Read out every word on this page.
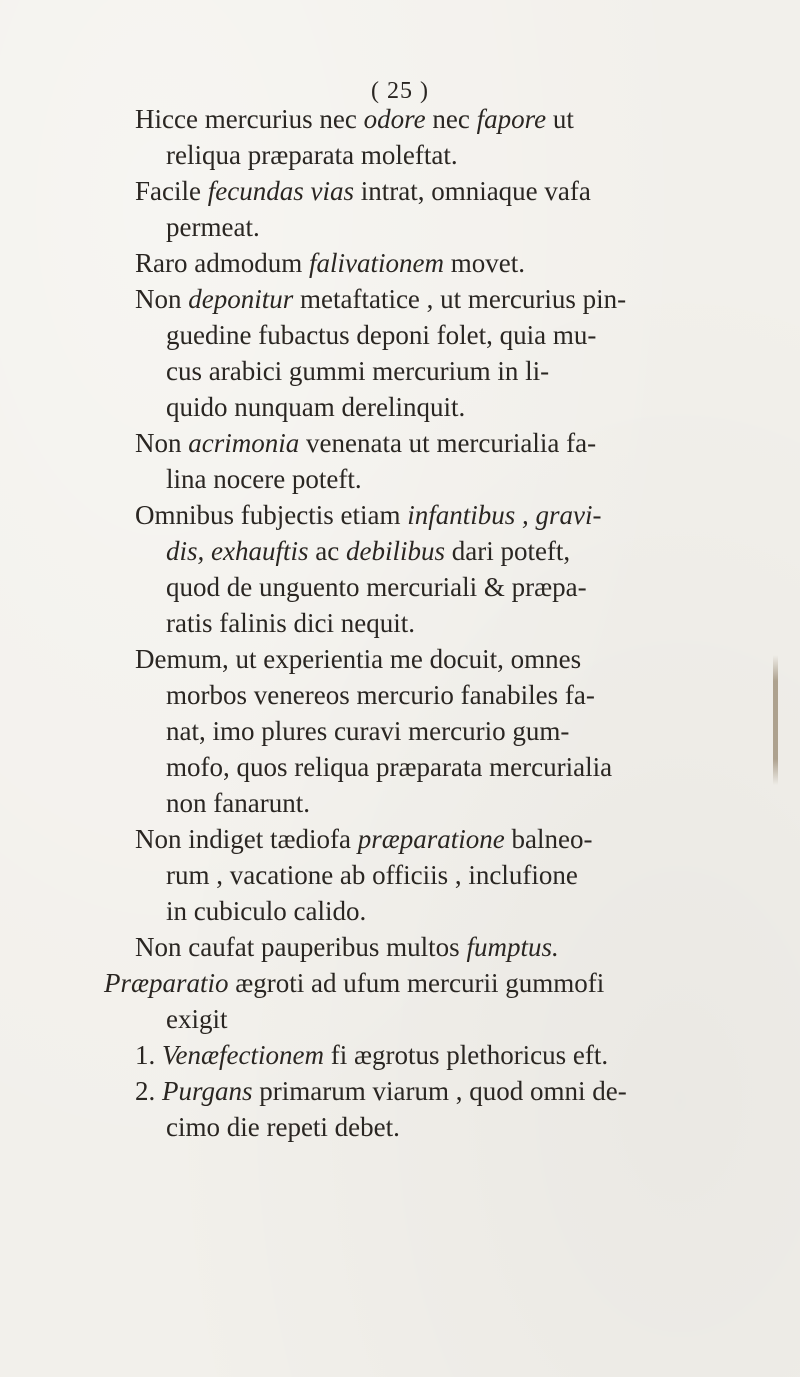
( 25 )
Hicce mercurius nec odore nec fapore ut
reliqua præparata moleftat.
Facile fecundas vias intrat, omniaque vafa
permeat.
Raro admodum falivationem movet.
Non deponitur metaftatice , ut mercurius pin-
guedine fubactus deponi folet, quia mu-
cus arabici gummi mercurium in li-
quido nunquam derelinquit.
Non acrimonia venenata ut mercurialia fa-
lina nocere poteft.
Omnibus fubjectis etiam infantibus , gravi-
dis, exhauftis ac debilibus dari poteft,
quod de unguento mercuriali & præpa-
ratis falinis dici nequit.
Demum, ut experientia me docuit, omnes
morbos venereos mercurio fanabiles fa-
nat, imo plures curavi mercurio gum-
mofo, quos reliqua præparata mercurialia
non fanarunt.
Non indiget tædiofa præparatione balneo-
rum , vacatione ab officiis , inclufione
in cubiculo calido.
Non caufat pauperibus multos fumptus.
Præparatio ægroti ad ufum mercurii gummofi
exigit
1. Venæfectionem fi ægrotus plethoricus eft.
2. Purgans primarum viarum , quod omni de-
cimo die repeti debet.
